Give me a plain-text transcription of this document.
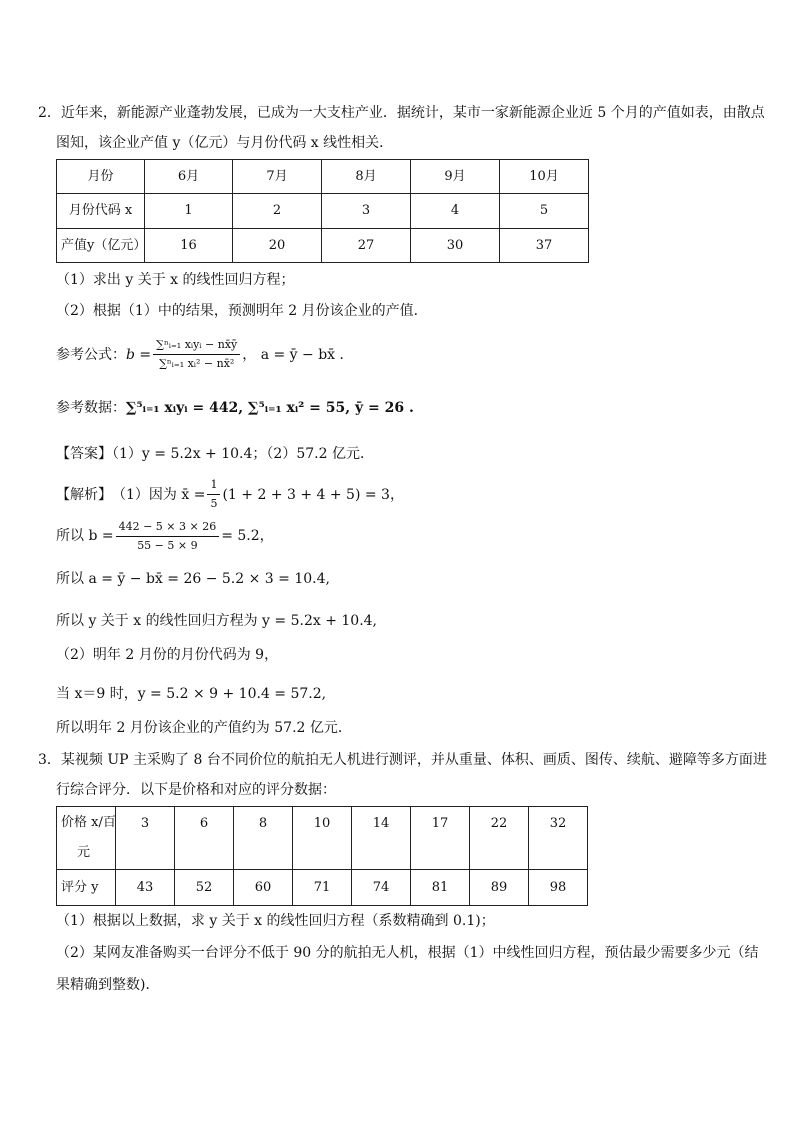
2．近年来，新能源产业蓬勃发展，已成为一大支柱产业．据统计，某市一家新能源企业近 5 个月的产值如表，由散点
图知，该企业产值 y（亿元）与月份代码 x 线性相关．
月份	6月	7月	8月	9月	10月
月份代码 x	1	2	3	4	5
产值y（亿元）	16	20	27	30	37
（1）求出 y 关于 x 的线性回归方程；
（2）根据（1）中的结果，预测明年 2 月份该企业的产值．
参考公式： $b = \frac{\text{∑ⁿᵢ₌₁ xᵢyᵢ − nx̄ȳ}}{\text{∑ⁿᵢ₌₁ xᵢ² − nx̄²}}$ ， a = ȳ − bx̄ ．
参考数据：∑⁵ᵢ₌₁ xᵢyᵢ = 442, ∑⁵ᵢ₌₁ xᵢ² = 55, ȳ = 26 .
【答案】（1）y = 5.2x + 10.4；（2）57.2 亿元．
【解析】 （1）因为 x̄ = $\frac{1}{5} (1 + 2 + 3 + 4 + 5) = 3$，
所以 $b = \frac{442 - 5 \times 3 \times 26}{55 - 5 \times 9} = 5.2$，
所以 a = ȳ − bx̄ = 26 − 5.2 × 3 = 10.4,
所以 y 关于 x 的线性回归方程为 y = 5.2x + 10.4,
（2）明年 2 月份的月份代码为 9，
当 x＝9 时，y = 5.2 × 9 + 10.4 = 57.2,
所以明年 2 月份该企业的产值约为 57.2 亿元．
3．某视频 UP 主采购了 8 台不同价位的航拍无人机进行测评，并从重量、体积、画质、图传、续航、避障等多方面进
行综合评分．以下是价格和对应的评分数据：
价格 x/百
元	3	6	8	10	14	17	22	32
评分 y	43	52	60	71	74	81	89	98
（1）根据以上数据，求 y 关于 x 的线性回归方程（系数精确到 0.1)；
（2）某网友准备购买一台评分不低于 90 分的航拍无人机，根据（1）中线性回归方程，预估最少需要多少元（结
果精确到整数)．
